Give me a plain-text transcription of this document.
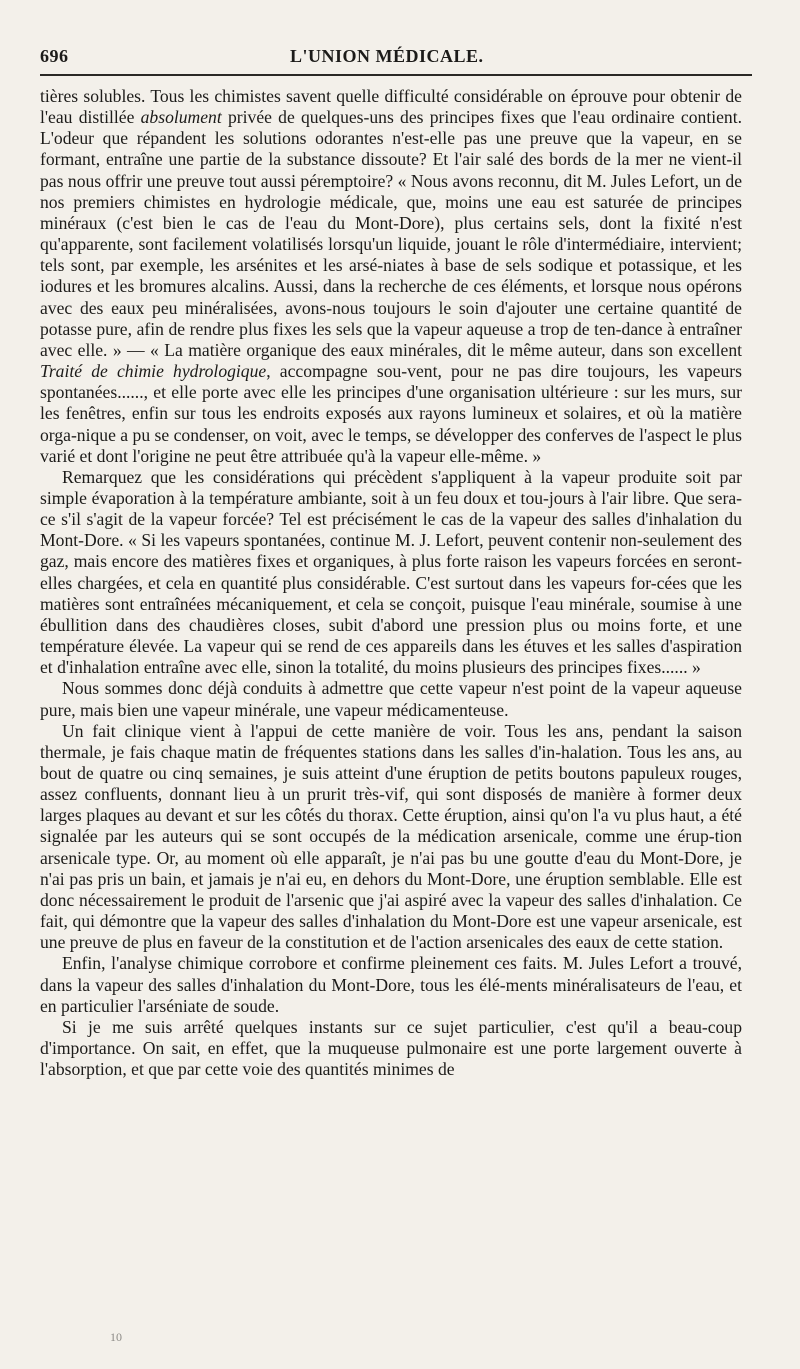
696	L'UNION MÉDICALE.

tières solubles. Tous les chimistes savent quelle difficulté considérable on éprouve pour obtenir de l'eau distillée absolument privée de quelques-uns des principes fixes que l'eau ordinaire contient. L'odeur que répandent les solutions odorantes n'est-elle pas une preuve que la vapeur, en se formant, entraîne une partie de la substance dissoute? Et l'air salé des bords de la mer ne vient-il pas nous offrir une preuve tout aussi péremptoire? « Nous avons reconnu, dit M. Jules Lefort, un de nos premiers chimistes en hydrologie médicale, que, moins une eau est saturée de principes minéraux (c'est bien le cas de l'eau du Mont-Dore), plus certains sels, dont la fixité n'est qu'apparente, sont facilement volatilisés lorsqu'un liquide, jouant le rôle d'intermédiaire, intervient; tels sont, par exemple, les arsénites et les arsé-niates à base de sels sodique et potassique, et les iodures et les bromures alcalins. Aussi, dans la recherche de ces éléments, et lorsque nous opérons avec des eaux peu minéralisées, avons-nous toujours le soin d'ajouter une certaine quantité de potasse pure, afin de rendre plus fixes les sels que la vapeur aqueuse a trop de ten-dance à entraîner avec elle. » — « La matière organique des eaux minérales, dit le même auteur, dans son excellent Traité de chimie hydrologique, accompagne sou-vent, pour ne pas dire toujours, les vapeurs spontanées......, et elle porte avec elle les principes d'une organisation ultérieure : sur les murs, sur les fenêtres, enfin sur tous les endroits exposés aux rayons lumineux et solaires, et où la matière orga-nique a pu se condenser, on voit, avec le temps, se développer des conferves de l'aspect le plus varié et dont l'origine ne peut être attribuée qu'à la vapeur elle-même. »

Remarquez que les considérations qui précèdent s'appliquent à la vapeur produite soit par simple évaporation à la température ambiante, soit à un feu doux et tou-jours à l'air libre. Que sera-ce s'il s'agit de la vapeur forcée? Tel est précisément le cas de la vapeur des salles d'inhalation du Mont-Dore. « Si les vapeurs spontanées, continue M. J. Lefort, peuvent contenir non-seulement des gaz, mais encore des matières fixes et organiques, à plus forte raison les vapeurs forcées en seront-elles chargées, et cela en quantité plus considérable. C'est surtout dans les vapeurs for-cées que les matières sont entraînées mécaniquement, et cela se conçoit, puisque l'eau minérale, soumise à une ébullition dans des chaudières closes, subit d'abord une pression plus ou moins forte, et une température élevée. La vapeur qui se rend de ces appareils dans les étuves et les salles d'aspiration et d'inhalation entraîne avec elle, sinon la totalité, du moins plusieurs des principes fixes...... »

Nous sommes donc déjà conduits à admettre que cette vapeur n'est point de la vapeur aqueuse pure, mais bien une vapeur minérale, une vapeur médicamenteuse.

Un fait clinique vient à l'appui de cette manière de voir. Tous les ans, pendant la saison thermale, je fais chaque matin de fréquentes stations dans les salles d'in-halation. Tous les ans, au bout de quatre ou cinq semaines, je suis atteint d'une éruption de petits boutons papuleux rouges, assez confluents, donnant lieu à un prurit très-vif, qui sont disposés de manière à former deux larges plaques au devant et sur les côtés du thorax. Cette éruption, ainsi qu'on l'a vu plus haut, a été signalée par les auteurs qui se sont occupés de la médication arsenicale, comme une érup-tion arsenicale type. Or, au moment où elle apparaît, je n'ai pas bu une goutte d'eau du Mont-Dore, je n'ai pas pris un bain, et jamais je n'ai eu, en dehors du Mont-Dore, une éruption semblable. Elle est donc nécessairement le produit de l'arsenic que j'ai aspiré avec la vapeur des salles d'inhalation. Ce fait, qui démontre que la vapeur des salles d'inhalation du Mont-Dore est une vapeur arsenicale, est une preuve de plus en faveur de la constitution et de l'action arsenicales des eaux de cette station.

Enfin, l'analyse chimique corrobore et confirme pleinement ces faits. M. Jules Lefort a trouvé, dans la vapeur des salles d'inhalation du Mont-Dore, tous les élé-ments minéralisateurs de l'eau, et en particulier l'arséniate de soude.

Si je me suis arrêté quelques instants sur ce sujet particulier, c'est qu'il a beau-coup d'importance. On sait, en effet, que la muqueuse pulmonaire est une porte largement ouverte à l'absorption, et que par cette voie des quantités minimes de

10
